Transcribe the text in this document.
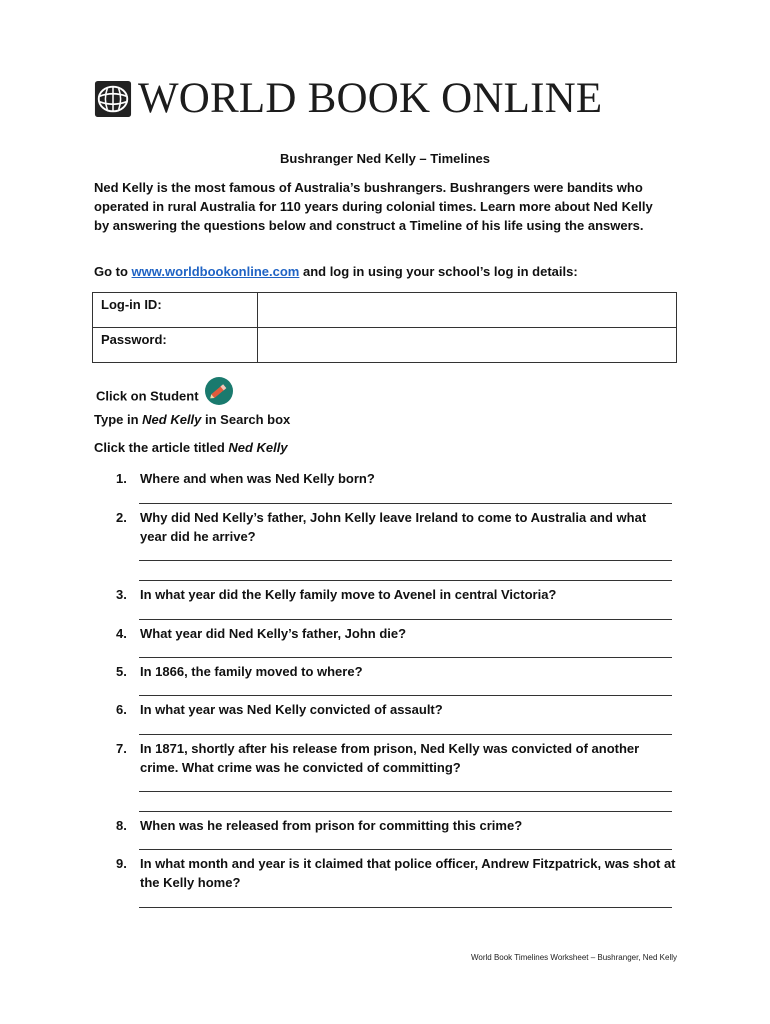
WORLD BOOK ONLINE
Bushranger Ned Kelly – Timelines
Ned Kelly is the most famous of Australia’s bushrangers. Bushrangers were bandits who operated in rural Australia for 110 years during colonial times. Learn more about Ned Kelly by answering the questions below and construct a Timeline of his life using the answers.
Go to www.worldbookonline.com and log in using your school’s log in details:
Log-in ID:	
Password:	
Click on Student
Type in Ned Kelly in Search box
Click the article titled Ned Kelly
1. Where and when was Ned Kelly born?
2. Why did Ned Kelly’s father, John Kelly leave Ireland to come to Australia and what year did he arrive?
3. In what year did the Kelly family move to Avenel in central Victoria?
4. What year did Ned Kelly’s father, John die?
5. In 1866, the family moved to where?
6. In what year was Ned Kelly convicted of assault?
7. In 1871, shortly after his release from prison, Ned Kelly was convicted of another crime. What crime was he convicted of committing?
8. When was he released from prison for committing this crime?
9. In what month and year is it claimed that police officer, Andrew Fitzpatrick, was shot at the Kelly home?
World Book Timelines Worksheet – Bushranger, Ned Kelly
